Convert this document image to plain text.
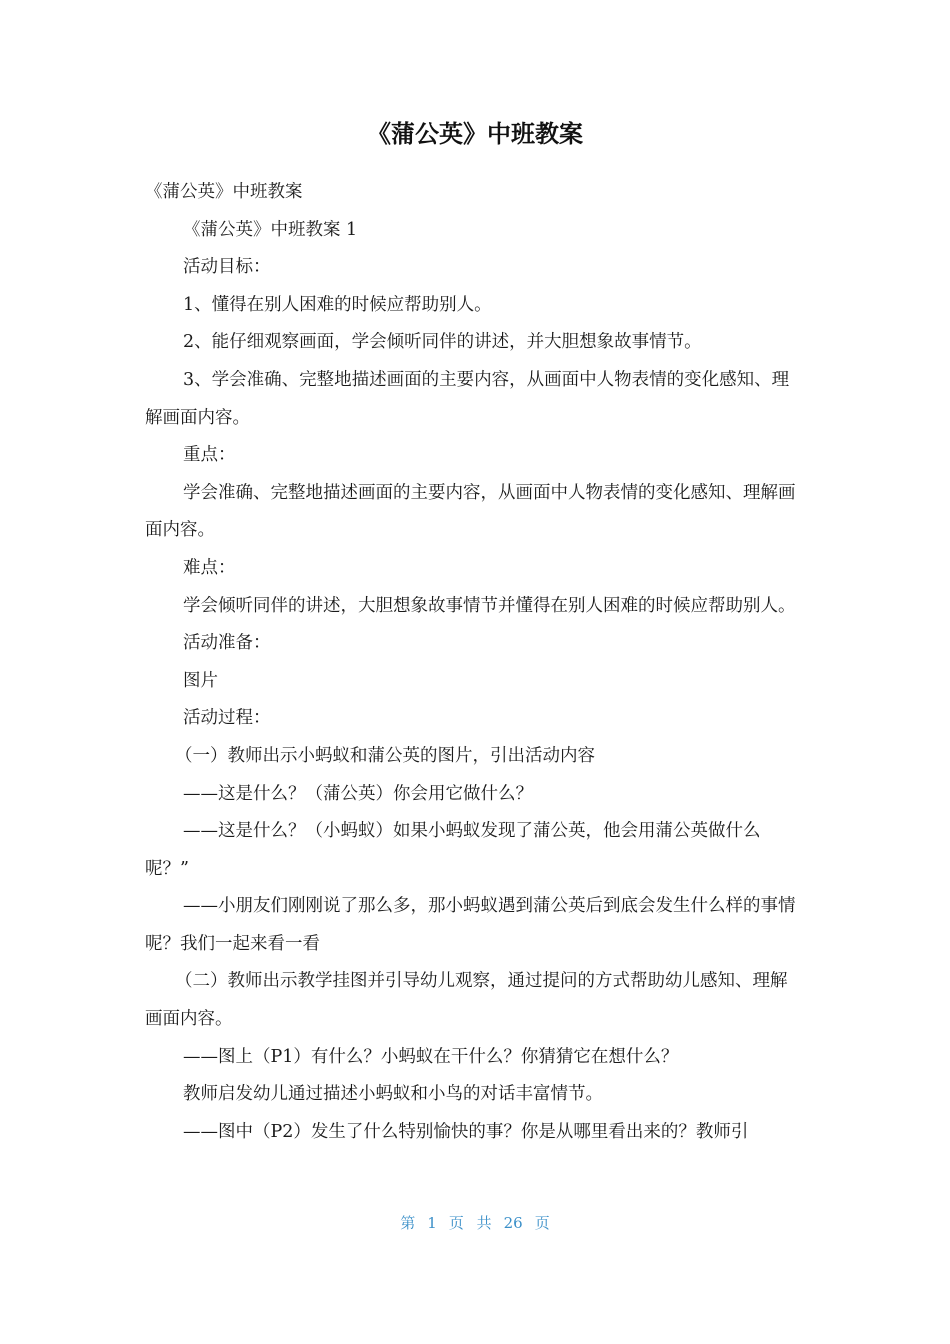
《蒲公英》中班教案

《蒲公英》中班教案

《蒲公英》中班教案 1

活动目标：

1、懂得在别人困难的时候应帮助别人。

2、能仔细观察画面，学会倾听同伴的讲述，并大胆想象故事情节。

3、学会准确、完整地描述画面的主要内容，从画面中人物表情的变化感知、理解画面内容。

重点：

学会准确、完整地描述画面的主要内容，从画面中人物表情的变化感知、理解画面内容。

难点：

学会倾听同伴的讲述，大胆想象故事情节并懂得在别人困难的时候应帮助别人。

活动准备：

图片

活动过程：

（一）教师出示小蚂蚁和蒲公英的图片，引出活动内容

——这是什么？（蒲公英）你会用它做什么？

——这是什么？（小蚂蚁）如果小蚂蚁发现了蒲公英，他会用蒲公英做什么呢？”

——小朋友们刚刚说了那么多，那小蚂蚁遇到蒲公英后到底会发生什么样的事情呢？我们一起来看一看

（二）教师出示教学挂图并引导幼儿观察，通过提问的方式帮助幼儿感知、理解画面内容。

——图上（P1）有什么？小蚂蚁在干什么？你猜猜它在想什么？

教师启发幼儿通过描述小蚂蚁和小鸟的对话丰富情节。

——图中（P2）发生了什么特别愉快的事？你是从哪里看出来的？教师引

第 1 页 共 26 页
